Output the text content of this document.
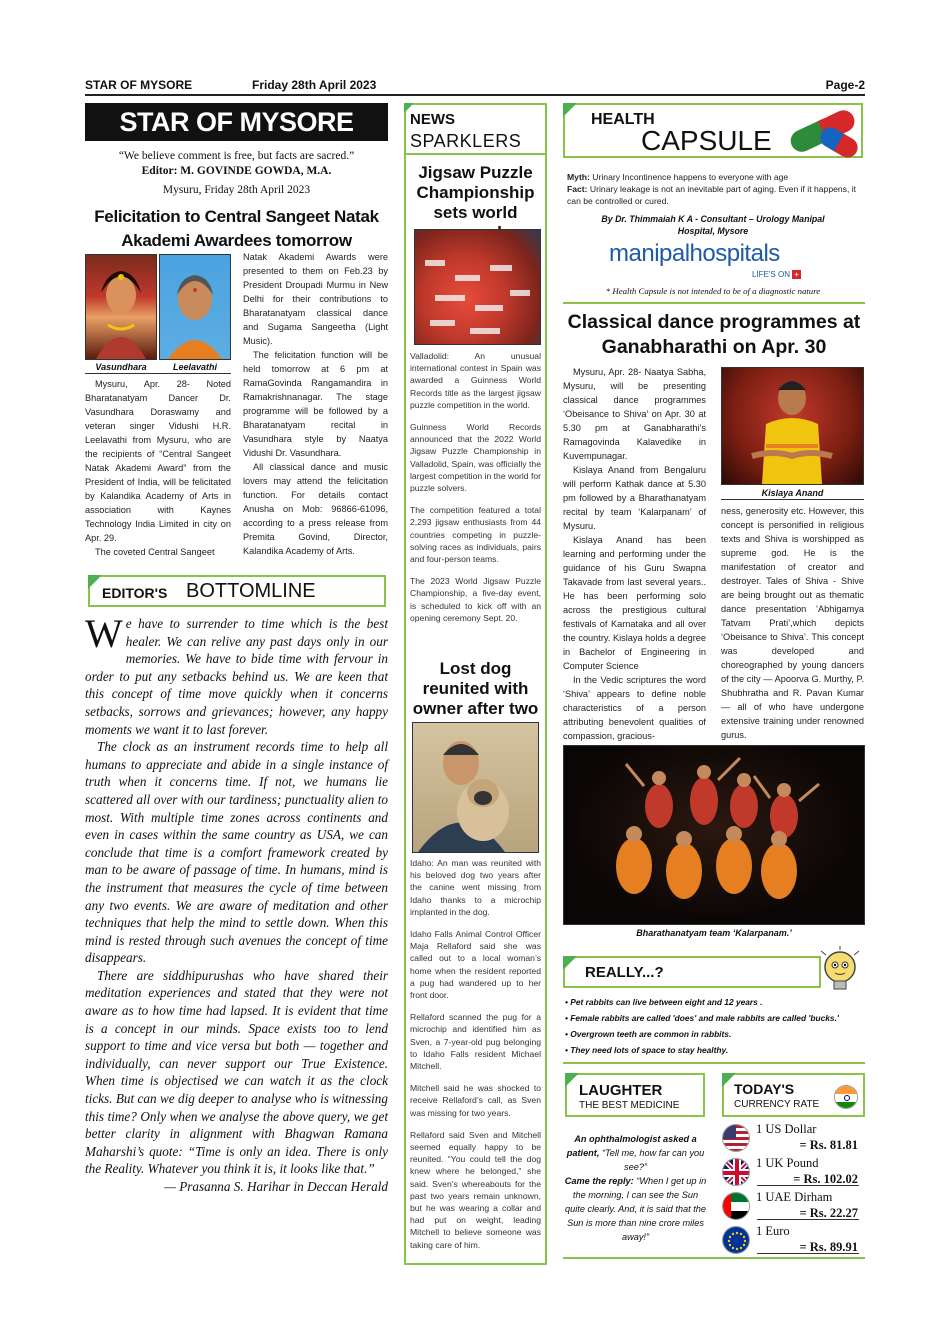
STAR OF MYSORE	Friday 28th April 2023	Page-2
STAR OF MYSORE
“We believe comment is free, but facts are sacred.”
Editor: M. GOVINDE GOWDA, M.A.
Mysuru, Friday 28th April 2023
Felicitation to Central Sangeet Natak Akademi Awardees tomorrow
Vasundhara	Leelavathi

Mysuru, Apr. 28- Noted Bharatanatyam Dancer Dr. Vasundhara Doraswamy and veteran singer Vidushi H.R. Leelavathi from Mysuru, who are the recipients of “Central Sangeet Natak Akademi Award” from the President of India, will be felicitated by Kalandika Academy of Arts in association with Kaynes Technology India Limited in city on Apr. 29.

The coveted Central Sangeet

Natak Akademi Awards were presented to them on Feb.23 by President Droupadi Murmu in New Delhi for their contributions to Bharatanatyam classical dance and Sugama Sangeetha (Light Music).

The felicitation function will be held tomorrow at 6 pm at RamaGovinda Rangamandira in Ramakrishnanagar. The stage programme will be followed by a Bharatanatyam recital in Vasundhara style by Naatya Vidushi Dr. Vasundhara.

All classical dance and music lovers may attend the felicitation function. For details contact Anusha on Mob: 96866-61096, according to a press release from Premita Govind, Director, Kalandika Academy of Arts.

EDITOR'S BOTTOMLINE

We have to surrender to time which is the best healer. We can relive any past days only in our memories. We have to bide time with fervour in order to put any setbacks behind us. We are keen that this concept of time move quickly when it concerns setbacks, sorrows and grievances; however, any happy moments we want it to last forever.

The clock as an instrument records time to help all humans to appreciate and abide in a single instance of truth when it concerns time. If not, we humans lie scattered all over with our tardiness; punctuality alien to most. With multiple time zones across continents and even in cases within the same country as USA, we can conclude that time is a comfort framework created by man to be aware of passage of time. In humans, mind is the instrument that measures the cycle of time between any two events. We are aware of meditation and other techniques that help the mind to settle down. When this mind is rested through such avenues the concept of time disappears.

There are siddhipurushas who have shared their meditation experiences and stated that they were not aware as to how time had lapsed. It is evident that time is a concept in our minds. Space exists too to lend support to time and vice versa but both — together and individually, can never support our True Existence. When time is objectised we can watch it as the clock ticks. But can we dig deeper to analyse who is witnessing this time? Only when we analyse the above query, we get better clarity in alignment with Bhagwan Ramana Maharshi’s quote: “Time is only an idea. There is only the Reality. Whatever you think it is, it looks like that.”

— Prasanna S. Harihar in Deccan Herald

NEWS
SPARKLERS
Jigsaw Puzzle Championship sets world

Valladolid: An unusual international contest in Spain was awarded a Guinness World Records title as the largest jigsaw puzzle competition in the world.

Guinness World Records announced that the 2022 World Jigsaw Puzzle Championship in Valladolid, Spain, was officially the largest competition in the world for puzzle solvers.

The competition featured a total 2,293 jigsaw enthusiasts from 44 countries competing in puzzle-solving races as individuals, pairs and four-person teams.

The 2023 World Jigsaw Puzzle Championship, a five-day event, is scheduled to kick off with an opening ceremony Sept. 20.

Lost dog reunited with owner after two

Idaho: An man was reunited with his beloved dog two years after the canine went missing from Idaho thanks to a microchip implanted in the dog.

Idaho Falls Animal Control Officer Maja Rellaford said she was called out to a local woman’s home when the resident reported a pug had wandered up to her front door.

Rellaford scanned the pug for a microchip and identified him as Sven, a 7-year-old pug belonging to Idaho Falls resident Michael Mitchell.

Mitchell said he was shocked to receive Rellaford’s call, as Sven was missing for two years.

Rellaford said Sven and Mitchell seemed equally happy to be reunited. “You could tell the dog knew where he belonged,” she said. Sven’s whereabouts for the past two years remain unknown, but he was wearing a collar and had put on weight, leading Mitchell to believe someone was taking care of him.

HEALTH
CAPSULE
Myth: Urinary Incontinence happens to everyone with age
Fact: Urinary leakage is not an inevitable part of aging. Even if it happens, it can be controlled or cured.
By Dr. Thimmaiah K A - Consultant – Urology Manipal Hospital, Mysore
manipalhospitals
LIFE'S ON +
* Health Capsule is not intended to be of a diagnostic nature
Classical dance programmes at Ganabharathi on Apr. 30
Kislaya Anand

Mysuru, Apr. 28- Naatya Sabha, Mysuru, will be presenting classical dance programmes ‘Obeisance to Shiva’ on Apr. 30 at 5.30 pm at Ganabharathi’s Ramagovinda Kalavedike in Kuvempunagar.

Kislaya Anand from Bengaluru will perform Kathak dance at 5.30 pm followed by a Bharathanatyam recital by team ‘Kalarpanam’ of Mysuru.

Kislaya Anand has been learning and performing under the guidance of his Guru Swapna Takavade from last several years.. He has been performing solo across the prestigious cultural festivals of Karnataka and all over the country. Kislaya holds a degree in Bachelor of Engineering in Computer Science

In the Vedic scriptures the word ‘Shiva’ appears to define noble characteristics of a person attributing benevolent qualities of compassion, gracious-

ness, generosity etc. However, this concept is personified in religious texts and Shiva is worshipped as supreme god. He is the manifestation of creator and destroyer. Tales of Shiva - Shive are being brought out as thematic dance presentation ‘Abhigamya Tatvam Prati’,which depicts ‘Obeisance to Shiva’. This concept was developed and choreographed by young dancers of the city — Apoorva G. Murthy, P. Shubhratha and R. Pavan Kumar — all of who have undergone extensive training under renowned gurus.
Bharathanatyam team ‘Kalarpanam.’
REALLY...?
• Pet rabbits can live between eight and 12 years .
• Female rabbits are called 'does' and male rabbits are called 'bucks.'
• Overgrown teeth are common in rabbits.
• They need lots of space to stay healthy.
LAUGHTER
THE BEST MEDICINE
An ophthalmologist asked a patient, “Tell me, how far can you see?”
Came the reply: “When I get up in the morning, I can see the Sun quite clearly. And, it is said that the Sun is more than nine crore miles away!”
TODAY'S
CURRENCY RATE
1 US Dollar
= Rs. 81.81
1 UK Pound
= Rs. 102.02
1 UAE Dirham
= Rs. 22.27
1 Euro
= Rs. 89.91
